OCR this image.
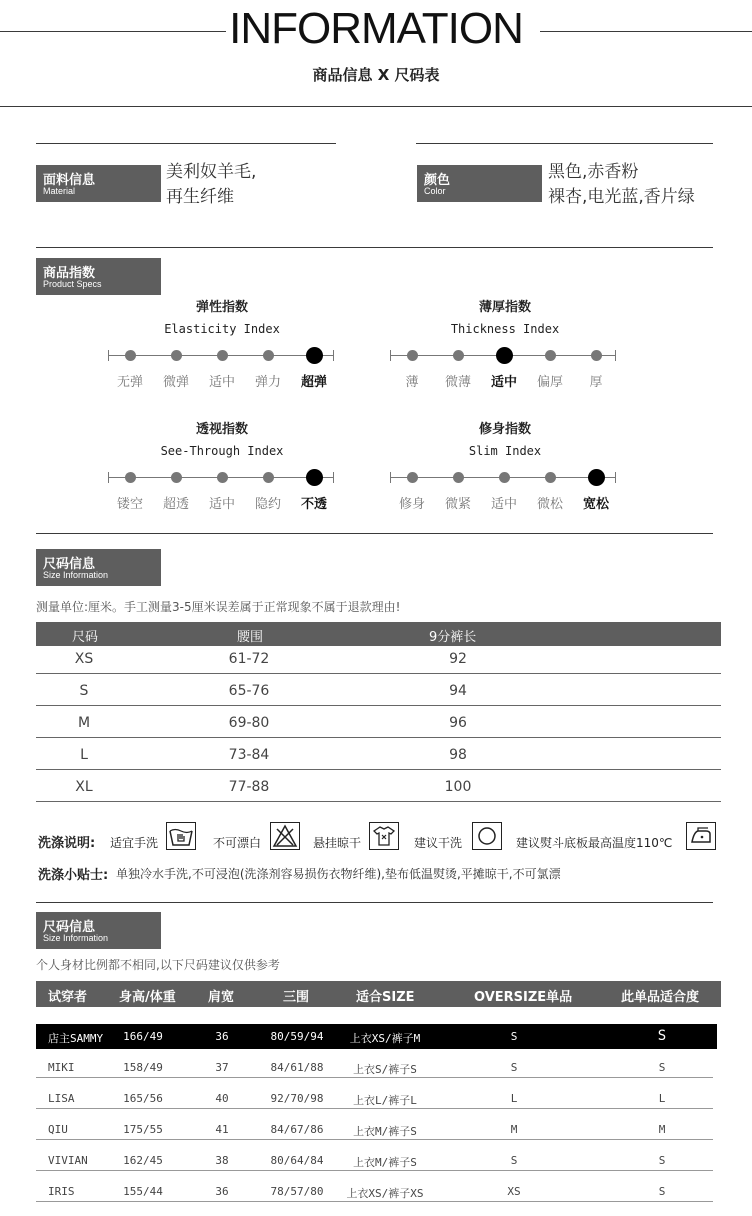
INFORMATION
商品信息 X 尺码表
面料信息
Material
美利奴羊毛,
再生纤维
颜色
Color
黑色,赤香粉
裸杏,电光蓝,香片绿
商品指数
Product Specs
弹性指数
Elasticity Index
无弹	微弹	适中	弹力	超弹
薄厚指数
Thickness Index
薄	微薄	适中	偏厚	厚
透视指数
See-Through Index
镂空	超透	适中	隐约	不透
修身指数
Slim Index
修身	微紧	适中	微松	宽松
尺码信息
Size Information
测量单位:厘米。手工测量3-5厘米误差属于正常现象不属于退款理由!
尺码	腰围	9分裤长
XS	61-72	92
S	65-76	94
M	69-80	96
L	73-84	98
XL	77-88	100
洗涤说明: 适宜手洗	不可漂白	悬挂晾干	建议干洗	建议熨斗底板最高温度110℃
洗涤小贴士: 单独冷水手洗,不可浸泡(洗涤剂容易损伤衣物纤维),垫布低温熨烫,平摊晾干,不可氯漂
尺码信息
Size Information
个人身材比例都不相同,以下尺码建议仅供参考
试穿者 身高/体重 肩宽	三围	适合SIZE	OVERSIZE单品	此单品适合度
店主SAMMY	166/49	36	80/59/94	上衣XS/裤子M	S	S
MIKI	158/49	37	84/61/88	上衣S/裤子S	S	S
LISA	165/56	40	92/70/98	上衣L/裤子L	L	L
QIU	175/55	41	84/67/86	上衣M/裤子S	M	M
VIVIAN	162/45	38	80/64/84	上衣M/裤子S	S	S
IRIS	155/44	36	78/57/80	上衣XS/裤子XS	XS	S
